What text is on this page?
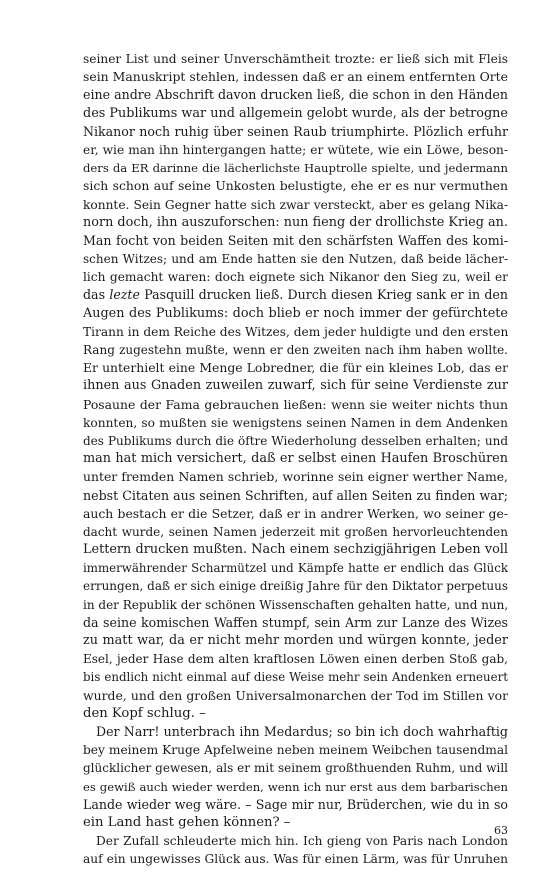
seiner List und seiner Unverschämtheit trozte: er ließ sich mit Fleis
sein Manuskript stehlen, indessen daß er an einem entfernten Orte
eine andre Abschrift davon drucken ließ, die schon in den Händen
des Publikums war und allgemein gelobt wurde, als der betrogne
Nikanor noch ruhig über seinen Raub triumphirte. Plözlich erfuhr
er, wie man ihn hintergangen hatte; er wütete, wie ein Löwe, beson-
ders da ER darinne die lächerlichste Hauptrolle spielte, und jedermann
sich schon auf seine Unkosten belustigte, ehe er es nur vermuthen
konnte. Sein Gegner hatte sich zwar versteckt, aber es gelang Nika-
norn doch, ihn auszuforschen: nun fieng der drollichste Krieg an.
Man focht von beiden Seiten mit den schärfsten Waffen des komi-
schen Witzes; und am Ende hatten sie den Nutzen, daß beide lächer-
lich gemacht waren: doch eignete sich Nikanor den Sieg zu, weil er
das lezte Pasquill drucken ließ. Durch diesen Krieg sank er in den
Augen des Publikums: doch blieb er noch immer der gefürchtete
Tirann in dem Reiche des Witzes, dem jeder huldigte und den ersten
Rang zugestehn mußte, wenn er den zweiten nach ihm haben wollte.
Er unterhielt eine Menge Lobredner, die für ein kleines Lob, das er
ihnen aus Gnaden zuweilen zuwarf, sich für seine Verdienste zur
Posaune der Fama gebrauchen ließen: wenn sie weiter nichts thun
konnten, so mußten sie wenigstens seinen Namen in dem Andenken
des Publikums durch die öftre Wiederholung desselben erhalten; und
man hat mich versichert, daß er selbst einen Haufen Broschüren
unter fremden Namen schrieb, worinne sein eigner werther Name,
nebst Citaten aus seinen Schriften, auf allen Seiten zu finden war;
auch bestach er die Setzer, daß er in andrer Werken, wo seiner ge-
dacht wurde, seinen Namen jederzeit mit großen hervorleuchtenden
Lettern drucken mußten. Nach einem sechzigjährigen Leben voll
immerwährender Scharmützel und Kämpfe hatte er endlich das Glück
errungen, daß er sich einige dreißig Jahre für den Diktator perpetuus
in der Republik der schönen Wissenschaften gehalten hatte, und nun,
da seine komischen Waffen stumpf, sein Arm zur Lanze des Wizes
zu matt war, da er nicht mehr morden und würgen konnte, jeder
Esel, jeder Hase dem alten kraftlosen Löwen einen derben Stoß gab,
bis endlich nicht einmal auf diese Weise mehr sein Andenken erneuert
wurde, und den großen Universalmonarchen der Tod im Stillen vor
den Kopf schlug. –
Der Narr! unterbrach ihn Medardus; so bin ich doch wahrhaftig
bey meinem Kruge Apfelweine neben meinem Weibchen tausendmal
glücklicher gewesen, als er mit seinem großthuenden Ruhm, und will
es gewiß auch wieder werden, wenn ich nur erst aus dem barbarischen
Lande wieder weg wäre. – Sage mir nur, Brüderchen, wie du in so
ein Land hast gehen können? –
Der Zufall schleuderte mich hin. Ich gieng von Paris nach London
auf ein ungewisses Glück aus. Was für einen Lärm, was für Unruhen
63
